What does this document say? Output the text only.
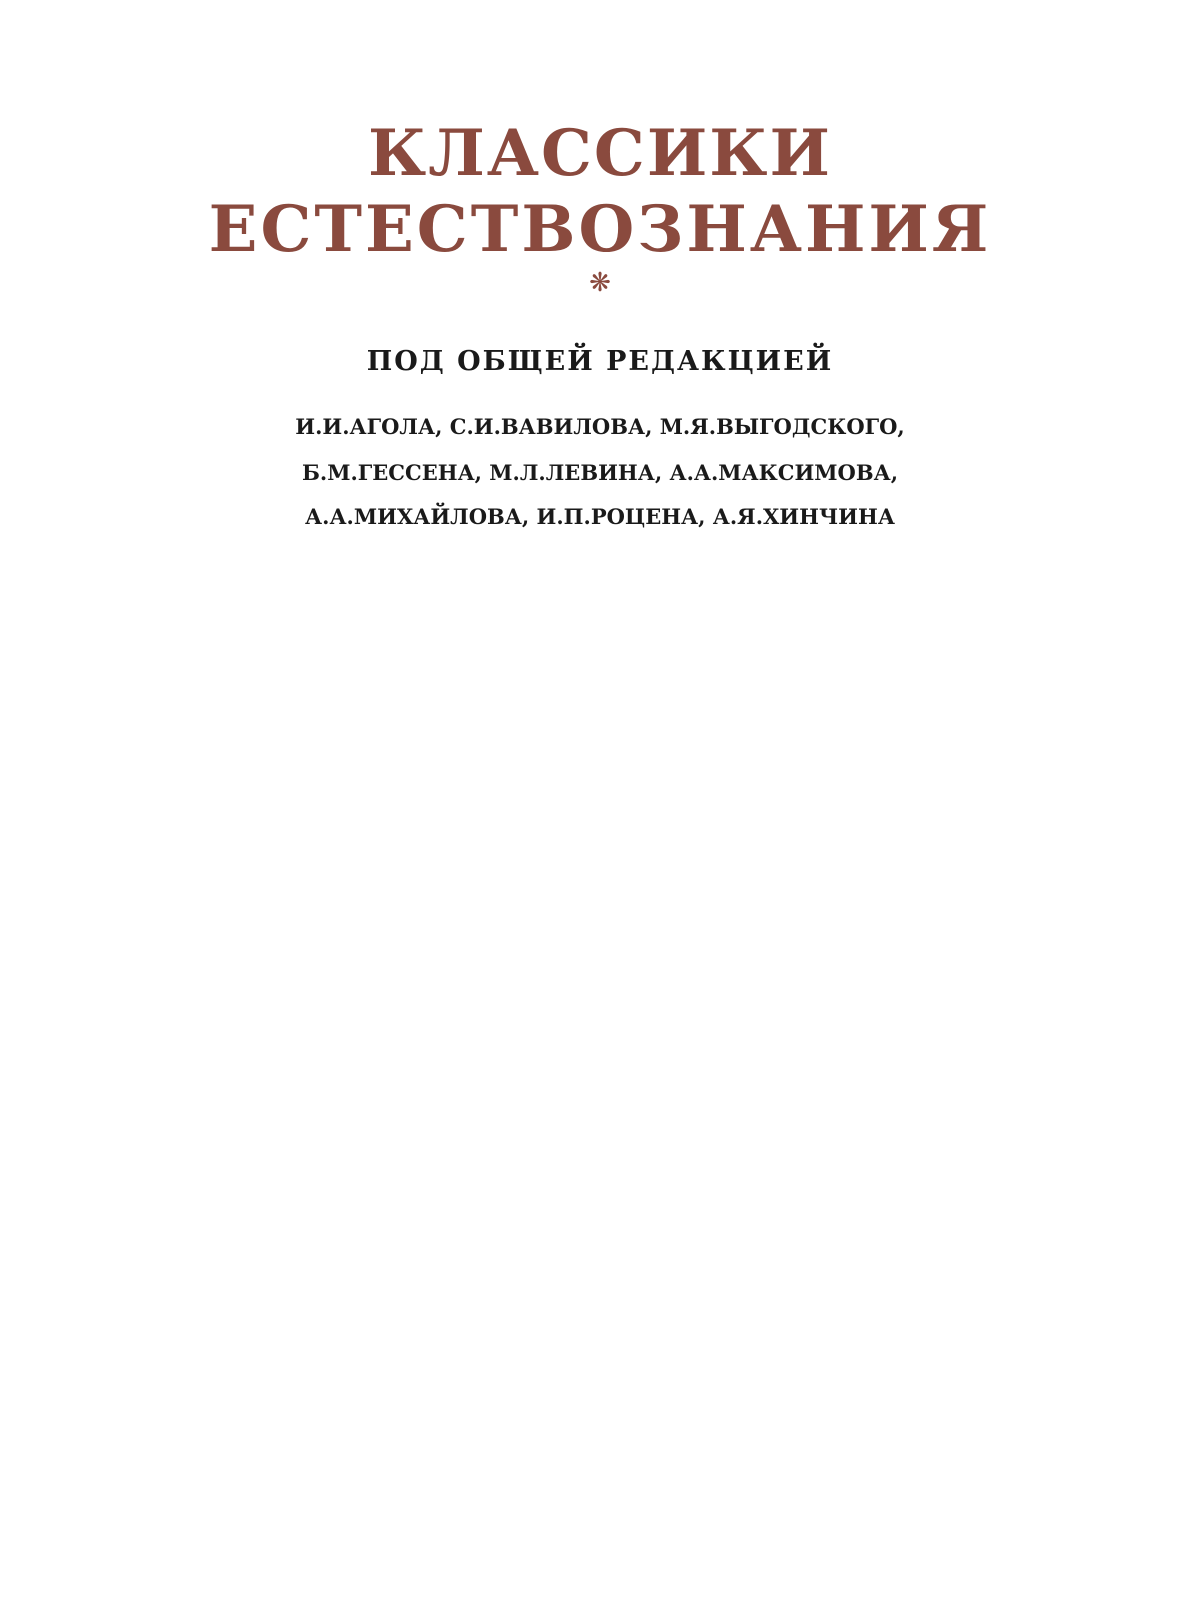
КЛАССИКИ
ЕСТЕСТВОЗНАНИЯ
❋
ПОД ОБЩЕЙ РЕДАКЦИЕЙ
И.И.АГОЛА, С.И.ВАВИЛОВА, М.Я.ВЫГОДСКОГО,
Б.М.ГЕССЕНА, М.Л.ЛЕВИНА, А.А.МАКСИМОВА,
А.А.МИХАЙЛОВА, И.П.РОЦЕНА, А.Я.ХИНЧИНА
